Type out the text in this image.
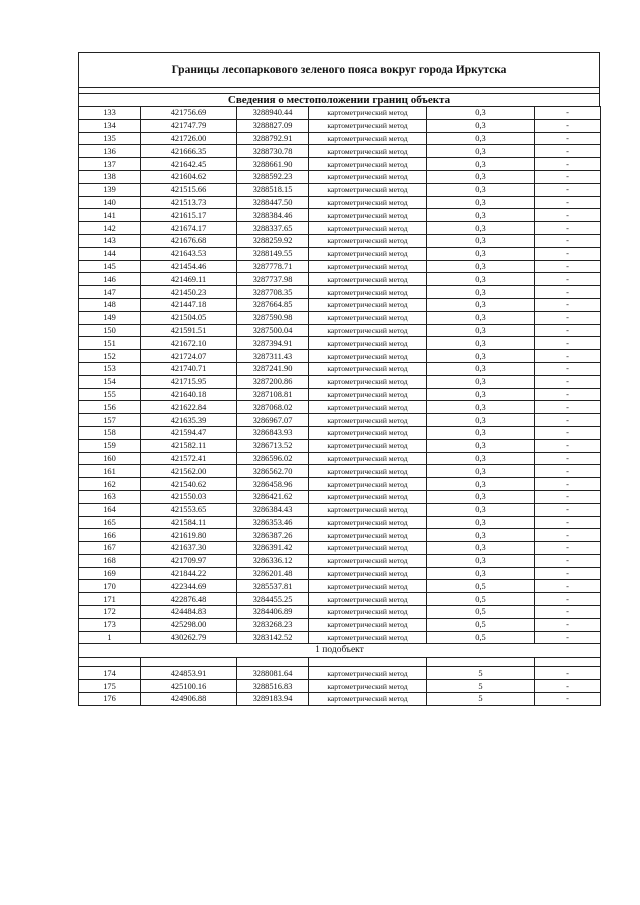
Границы лесопаркового зеленого пояса вокруг города Иркутска
Сведения о местоположении границ объекта
133	421756.69	3288940.44	картометрический метод	0,3	-
134	421747.79	3288827.09	картометрический метод	0,3	-
135	421726.00	3288792.91	картометрический метод	0,3	-
136	421666.35	3288730.78	картометрический метод	0,3	-
137	421642.45	3288661.90	картометрический метод	0,3	-
138	421604.62	3288592.23	картометрический метод	0,3	-
139	421515.66	3288518.15	картометрический метод	0,3	-
140	421513.73	3288447.50	картометрический метод	0,3	-
141	421615.17	3288384.46	картометрический метод	0,3	-
142	421674.17	3288337.65	картометрический метод	0,3	-
143	421676.68	3288259.92	картометрический метод	0,3	-
144	421643.53	3288149.55	картометрический метод	0,3	-
145	421454.46	3287778.71	картометрический метод	0,3	-
146	421469.11	3287737.98	картометрический метод	0,3	-
147	421450.23	3287708.35	картометрический метод	0,3	-
148	421447.18	3287664.85	картометрический метод	0,3	-
149	421504.05	3287590.98	картометрический метод	0,3	-
150	421591.51	3287500.04	картометрический метод	0,3	-
151	421672.10	3287394.91	картометрический метод	0,3	-
152	421724.07	3287311.43	картометрический метод	0,3	-
153	421740.71	3287241.90	картометрический метод	0,3	-
154	421715.95	3287200.86	картометрический метод	0,3	-
155	421640.18	3287108.81	картометрический метод	0,3	-
156	421622.84	3287068.02	картометрический метод	0,3	-
157	421635.39	3286967.07	картометрический метод	0,3	-
158	421594.47	3286843.93	картометрический метод	0,3	-
159	421582.11	3286713.52	картометрический метод	0,3	-
160	421572.41	3286596.02	картометрический метод	0,3	-
161	421562.00	3286562.70	картометрический метод	0,3	-
162	421540.62	3286458.96	картометрический метод	0,3	-
163	421550.03	3286421.62	картометрический метод	0,3	-
164	421553.65	3286384.43	картометрический метод	0,3	-
165	421584.11	3286353.46	картометрический метод	0,3	-
166	421619.80	3286387.26	картометрический метод	0,3	-
167	421637.30	3286391.42	картометрический метод	0,3	-
168	421709.97	3286336.12	картометрический метод	0,3	-
169	421844.22	3286201.48	картометрический метод	0,3	-
170	422344.69	3285537.81	картометрический метод	0,5	-
171	422876.48	3284455.25	картометрический метод	0,5	-
172	424484.83	3284406.89	картометрический метод	0,5	-
173	425298.00	3283268.23	картометрический метод	0,5	-
1	430262.79	3283142.52	картометрический метод	0,5	-
1 подобъект					

174	424853.91	3288081.64	картометрический метод	5	-
175	425100.16	3288516.83	картометрический метод	5	-
176	424906.88	3289183.94	картометрический метод	5	-
